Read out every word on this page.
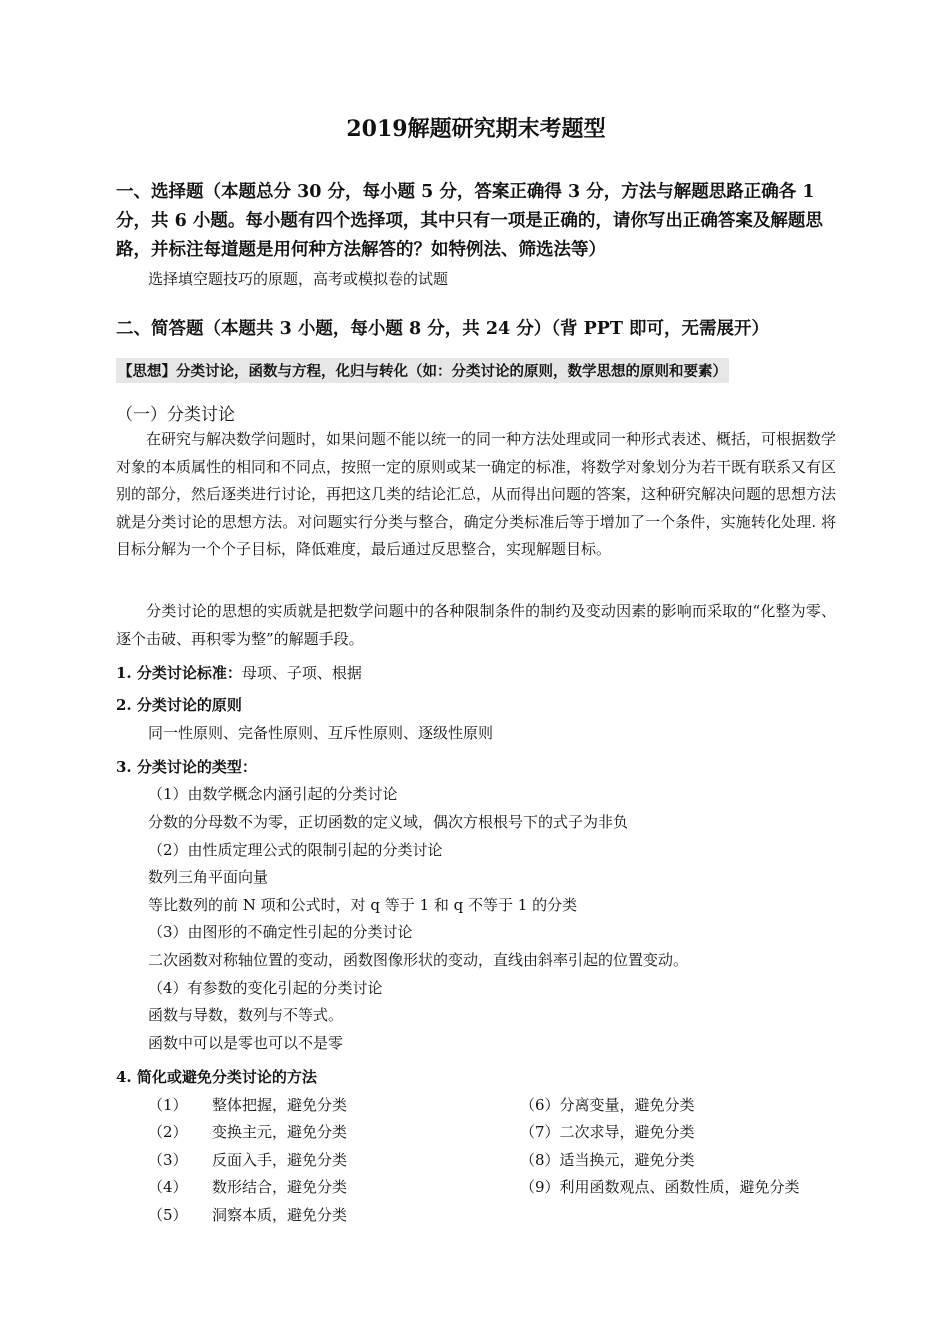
2019解题研究期末考题型
一、选择题（本题总分 30 分，每小题 5 分，答案正确得 3 分，方法与解题思路正确各 1 分，共 6 小题。每小题有四个选择项，其中只有一项是正确的，请你写出正确答案及解题思路，并标注每道题是用何种方法解答的？如特例法、筛选法等）
选择填空题技巧的原题，高考或模拟卷的试题
二、简答题（本题共 3 小题，每小题 8 分，共 24 分）（背 PPT 即可，无需展开）
【思想】分类讨论，函数与方程，化归与转化（如：分类讨论的原则，数学思想的原则和要素）
（一）分类讨论
在研究与解决数学问题时，如果问题不能以统一的同一种方法处理或同一种形式表述、概括，可根据数学对象的本质属性的相同和不同点，按照一定的原则或某一确定的标准，将数学对象划分为若干既有联系又有区别的部分，然后逐类进行讨论，再把这几类的结论汇总，从而得出问题的答案，这种研究解决问题的思想方法就是分类讨论的思想方法。对问题实行分类与整合，确定分类标准后等于增加了一个条件，实施转化处理. 将目标分解为一个个子目标，降低难度，最后通过反思整合，实现解题目标。
分类讨论的思想的实质就是把数学问题中的各种限制条件的制约及变动因素的影响而采取的“化整为零、逐个击破、再积零为整”的解题手段。
1. 分类讨论标准：母项、子项、根据
2. 分类讨论的原则
同一性原则、完备性原则、互斥性原则、逐级性原则
3. 分类讨论的类型：
（1）由数学概念内涵引起的分类讨论
分数的分母数不为零，正切函数的定义域，偶次方根根号下的式子为非负
（2）由性质定理公式的限制引起的分类讨论
数列三角平面向量
等比数列的前 N 项和公式时，对 q 等于 1 和 q 不等于 1 的分类
（3）由图形的不确定性引起的分类讨论
二次函数对称轴位置的变动，函数图像形状的变动，直线由斜率引起的位置变动。
（4）有参数的变化引起的分类讨论
函数与导数，数列与不等式。
函数中可以是零也可以不是零
4. 简化或避免分类讨论的方法
（1） 整体把握，避免分类
（2） 变换主元，避免分类
（3） 反面入手，避免分类
（4） 数形结合，避免分类
（5） 洞察本质，避免分类
（6）分离变量，避免分类
（7）二次求导，避免分类
（8）适当换元，避免分类
（9）利用函数观点、函数性质，避免分类
